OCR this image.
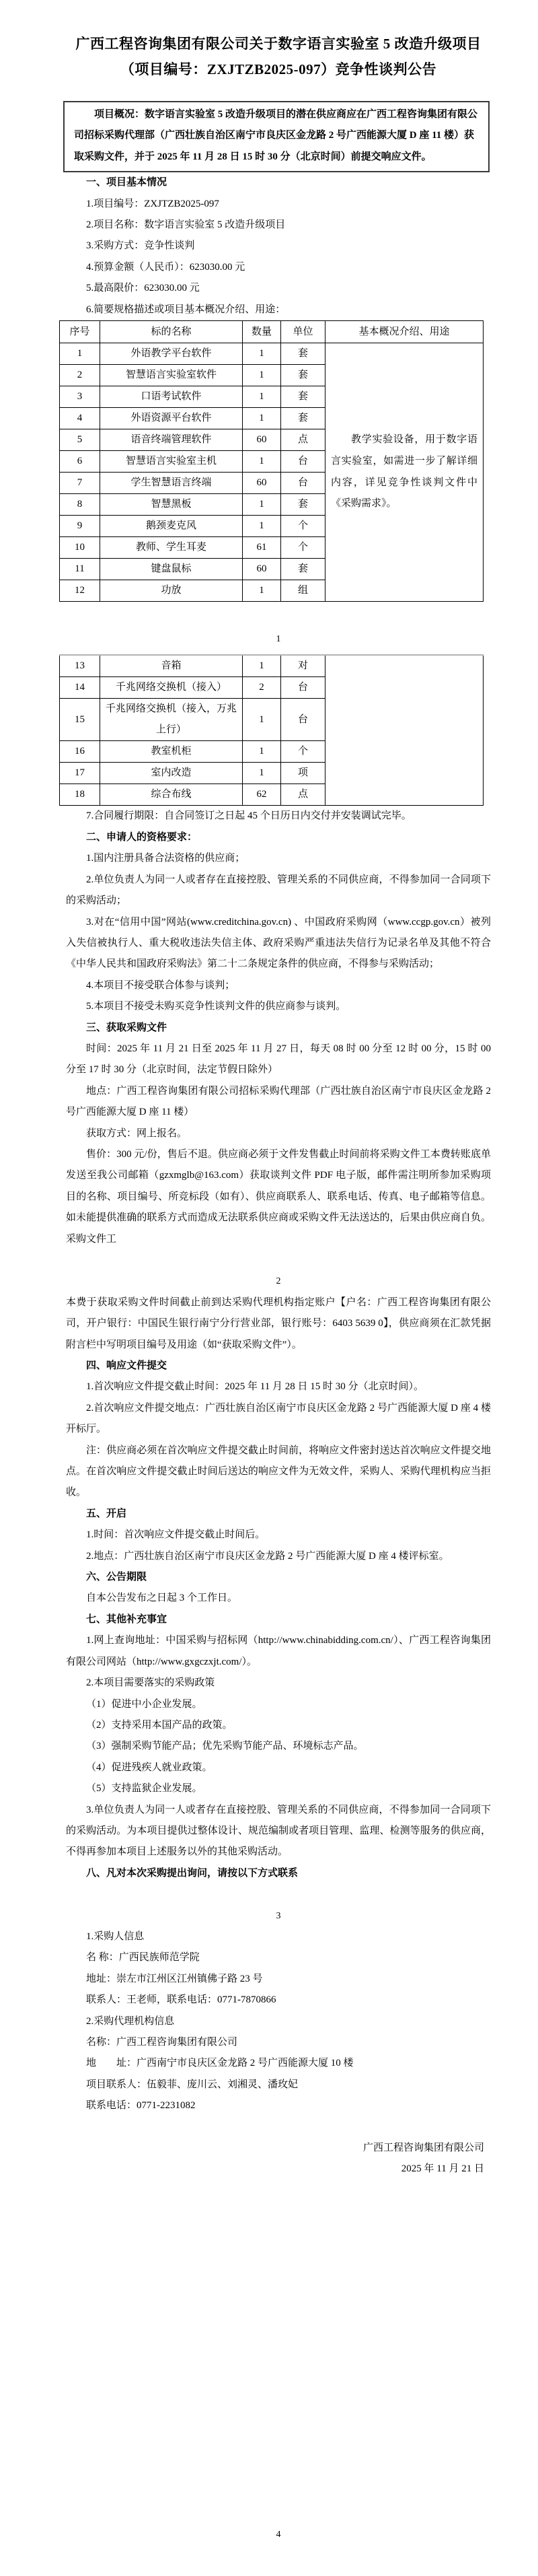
广西工程咨询集团有限公司关于数字语言实验室 5 改造升级项目
（项目编号：ZXJTZB2025-097）竞争性谈判公告

项目概况：数字语言实验室 5 改造升级项目的潜在供应商应在广西工程咨询集团有限公司招标采购代理部（广西壮族自治区南宁市良庆区金龙路 2 号广西能源大厦 D 座 11 楼）获取采购文件，并于 2025 年 11 月 28 日 15 时 30 分（北京时间）前提交响应文件。

一、项目基本情况

1.项目编号：ZXJTZB2025-097

2.项目名称：数字语言实验室 5 改造升级项目

3.采购方式：竞争性谈判

4.预算金额（人民币）：623030.00 元

5.最高限价：623030.00 元

6.简要规格描述或项目基本概况介绍、用途：

序号	标的名称	数量	单位	基本概况介绍、用途
1	外语教学平台软件	1	套	教学实验设备，用于数字语言实验室，如需进一步了解详细内容，详见竞争性谈判文件中《采购需求》。

2	智慧语言实验室软件	1	套	
3	口语考试软件	1	套	
4	外语资源平台软件	1	套	
5	语音终端管理软件	60	点	
6	智慧语言实验室主机	1	台	
7	学生智慧语言终端	60	台	
8	智慧黑板	1	套	
9	鹅颈麦克风	1	个	
10	教师、学生耳麦	61	个	
11	键盘鼠标	60	套	
12	功放	1	组	

1

13	音箱	1	对	
14	千兆网络交换机（接入）	2	台	
15	千兆网络交换机（接入，万兆上行）	1	台	
16	教室机柜	1	个	
17	室内改造	1	项	
18	综合布线	62	点	

7.合同履行期限：自合同签订之日起 45 个日历日内交付并安装调试完毕。

二、申请人的资格要求：

1.国内注册具备合法资格的供应商；

2.单位负责人为同一人或者存在直接控股、管理关系的不同供应商，不得参加同一合同项下的采购活动；

3.对在“信用中国”网站(www.creditchina.gov.cn) 、中国政府采购网（www.ccgp.gov.cn）被列入失信被执行人、重大税收违法失信主体、政府采购严重违法失信行为记录名单及其他不符合《中华人民共和国政府采购法》第二十二条规定条件的供应商，不得参与采购活动；

4.本项目不接受联合体参与谈判；

5.本项目不接受未购买竞争性谈判文件的供应商参与谈判。

三、获取采购文件

时间：2025 年 11 月 21 日至 2025 年 11 月 27 日，每天 08 时 00 分至 12 时 00 分，15 时 00 分至 17 时 30 分（北京时间，法定节假日除外）

地点：广西工程咨询集团有限公司招标采购代理部（广西壮族自治区南宁市良庆区金龙路 2 号广西能源大厦 D 座 11 楼）

获取方式：网上报名。

售价：300 元/份，售后不退。供应商必须于文件发售截止时间前将采购文件工本费转账底单发送至我公司邮箱（gzxmglb@163.com）获取谈判文件 PDF 电子版，邮件需注明所参加采购项目的名称、项目编号、所竞标段（如有）、供应商联系人、联系电话、传真、电子邮箱等信息。如未能提供准确的联系方式而造成无法联系供应商或采购文件无法送达的，后果由供应商自负。采购文件工

2

本费于获取采购文件时间截止前到达采购代理机构指定账户【户名：广西工程咨询集团有限公司，开户银行：中国民生银行南宁分行营业部，银行账号：6403 5639 0】，供应商须在汇款凭据附言栏中写明项目编号及用途（如“获取采购文件”）。

四、响应文件提交

1.首次响应文件提交截止时间：2025 年 11 月 28 日 15 时 30 分（北京时间）。

2.首次响应文件提交地点：广西壮族自治区南宁市良庆区金龙路 2 号广西能源大厦 D 座 4 楼开标厅。

注：供应商必须在首次响应文件提交截止时间前，将响应文件密封送达首次响应文件提交地点。在首次响应文件提交截止时间后送达的响应文件为无效文件，采购人、采购代理机构应当拒收。

五、开启

1.时间：首次响应文件提交截止时间后。

2.地点：广西壮族自治区南宁市良庆区金龙路 2 号广西能源大厦 D 座 4 楼评标室。

六、公告期限

自本公告发布之日起 3 个工作日。

七、其他补充事宜

1.网上查询地址：中国采购与招标网（http://www.chinabidding.com.cn/）、广西工程咨询集团有限公司网站（http://www.gxgczxjt.com/）。

2.本项目需要落实的采购政策

（1）促进中小企业发展。

（2）支持采用本国产品的政策。

（3）强制采购节能产品；优先采购节能产品、环境标志产品。

（4）促进残疾人就业政策。

（5）支持监狱企业发展。

3.单位负责人为同一人或者存在直接控股、管理关系的不同供应商，不得参加同一合同项下的采购活动。为本项目提供过整体设计、规范编制或者项目管理、监理、检测等服务的供应商，不得再参加本项目上述服务以外的其他采购活动。

八、凡对本次采购提出询问，请按以下方式联系

3

1.采购人信息

名 称：广西民族师范学院

地址：崇左市江州区江州镇佛子路 23 号

联系人：王老师，联系电话：0771-7870866

2.采购代理机构信息

名称：广西工程咨询集团有限公司

地　　址：广西南宁市良庆区金龙路 2 号广西能源大厦 10 楼

项目联系人：伍毅菲、庞川云、刘湘灵、潘玫妃

联系电话：0771-2231082

广西工程咨询集团有限公司

2025 年 11 月 21 日

4
